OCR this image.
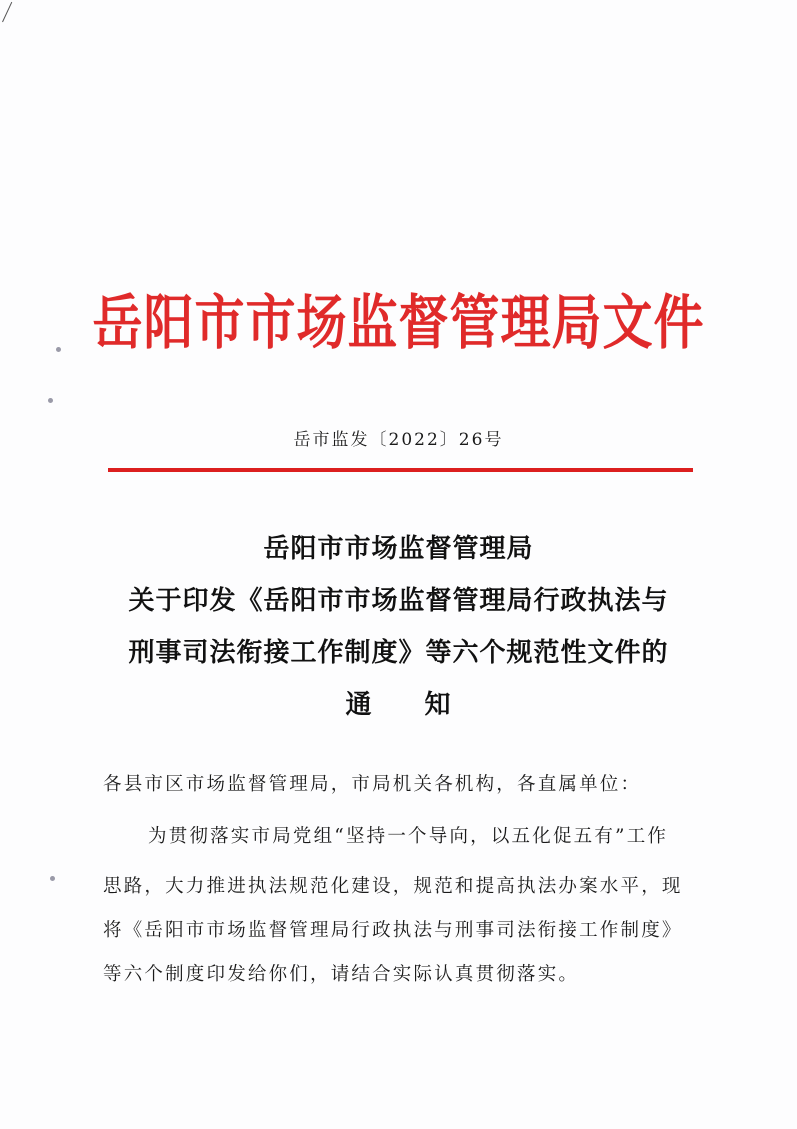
岳阳市市场监督管理局文件
岳市监发〔2022〕26号
岳阳市市场监督管理局
关于印发《岳阳市市场监督管理局行政执法与
刑事司法衔接工作制度》等六个规范性文件的
通 知
各县市区市场监督管理局，市局机关各机构，各直属单位：
为贯彻落实市局党组“坚持一个导向，以五化促五有”工作
思路，大力推进执法规范化建设，规范和提高执法办案水平，现
将《岳阳市市场监督管理局行政执法与刑事司法衔接工作制度》
等六个制度印发给你们，请结合实际认真贯彻落实。
